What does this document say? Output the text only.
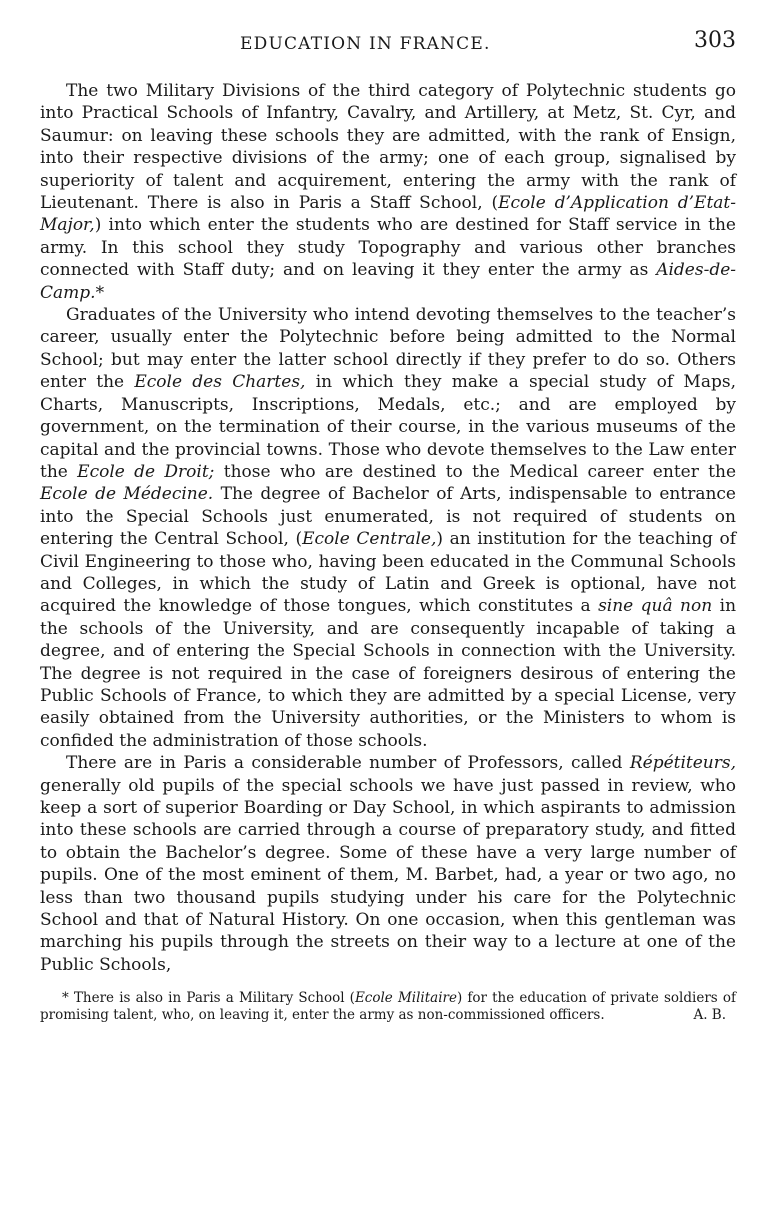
EDUCATION IN FRANCE.	303

The two Military Divisions of the third category of Polytechnic students go into Practical Schools of Infantry, Cavalry, and Artillery, at Metz, St. Cyr, and Saumur: on leaving these schools they are admitted, with the rank of Ensign, into their respective divisions of the army; one of each group, signalised by superiority of talent and acquirement, entering the army with the rank of Lieutenant. There is also in Paris a Staff School, (Ecole d’Application d’Etat-Major,) into which enter the students who are destined for Staff service in the army. In this school they study Topography and various other branches connected with Staff duty; and on leaving it they enter the army as Aides-de-Camp.*

Graduates of the University who intend devoting themselves to the teacher’s career, usually enter the Polytechnic before being admitted to the Normal School; but may enter the latter school directly if they prefer to do so. Others enter the Ecole des Chartes, in which they make a special study of Maps, Charts, Manuscripts, Inscriptions, Medals, etc.; and are employed by government, on the termination of their course, in the various museums of the capital and the provincial towns. Those who devote themselves to the Law enter the Ecole de Droit; those who are destined to the Medical career enter the Ecole de Médecine. The degree of Bachelor of Arts, indispensable to entrance into the Special Schools just enumerated, is not required of students on entering the Central School, (Ecole Centrale,) an institution for the teaching of Civil Engineering to those who, having been educated in the Communal Schools and Colleges, in which the study of Latin and Greek is optional, have not acquired the knowledge of those tongues, which constitutes a sine quâ non in the schools of the University, and are consequently incapable of taking a degree, and of entering the Special Schools in connection with the University. The degree is not required in the case of foreigners desirous of entering the Public Schools of France, to which they are admitted by a special License, very easily obtained from the University authorities, or the Ministers to whom is confided the administration of those schools.

There are in Paris a considerable number of Professors, called Répétiteurs, generally old pupils of the special schools we have just passed in review, who keep a sort of superior Boarding or Day School, in which aspirants to admission into these schools are carried through a course of preparatory study, and fitted to obtain the Bachelor’s degree. Some of these have a very large number of pupils. One of the most eminent of them, M. Barbet, had, a year or two ago, no less than two thousand pupils studying under his care for the Polytechnic School and that of Natural History. On one occasion, when this gentleman was marching his pupils through the streets on their way to a lecture at one of the Public Schools,

* There is also in Paris a Military School (Ecole Militaire) for the education of private soldiers of promising talent, who, on leaving it, enter the army as non-commissioned officers.	A. B.
